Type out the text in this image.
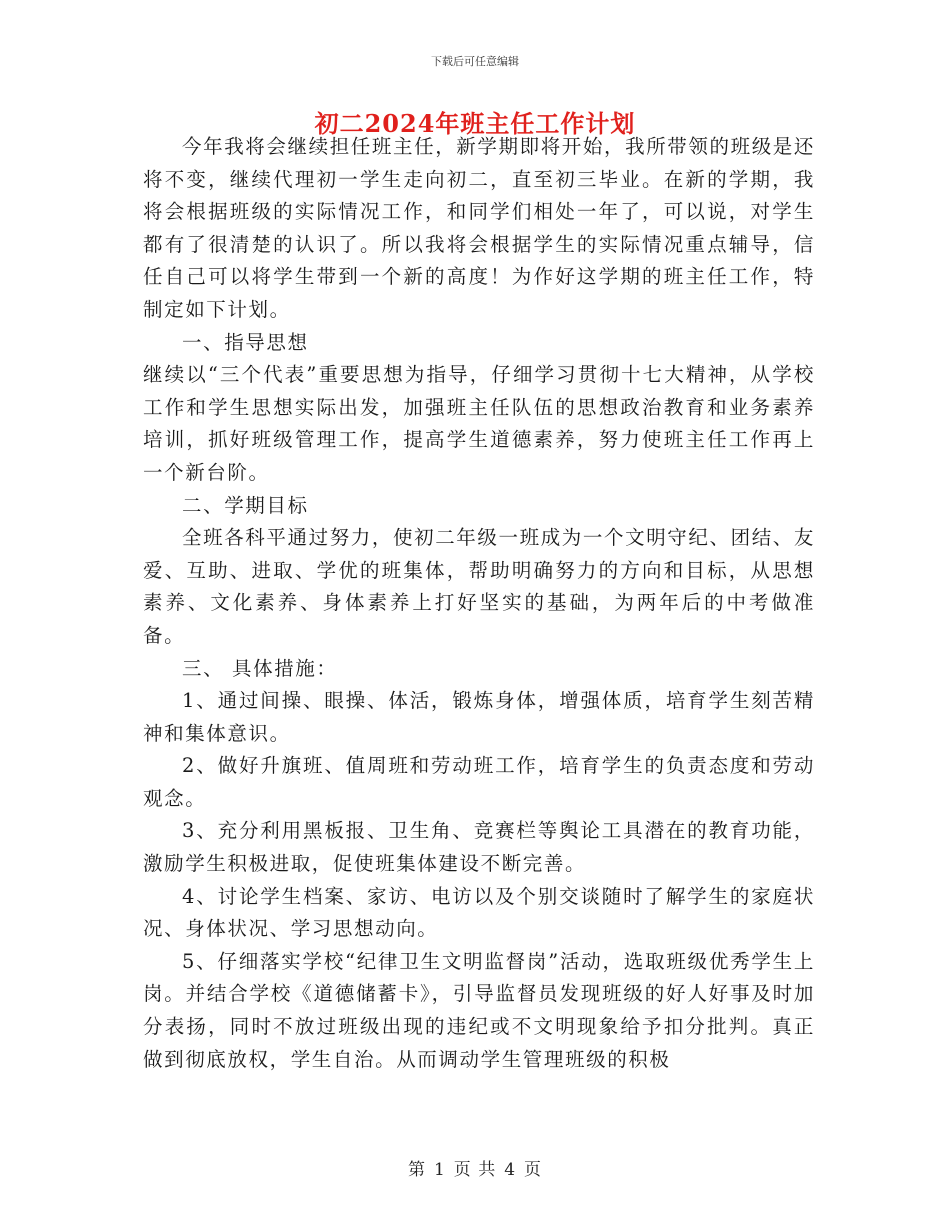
下载后可任意编辑
初二2024年班主任工作计划

今年我将会继续担任班主任，新学期即将开始，我所带领的班级是还将不变，继续代理初一学生走向初二，直至初三毕业。在新的学期，我将会根据班级的实际情况工作，和同学们相处一年了，可以说，对学生都有了很清楚的认识了。所以我将会根据学生的实际情况重点辅导，信任自己可以将学生带到一个新的高度！为作好这学期的班主任工作，特制定如下计划。

一、指导思想

继续以“三个代表”重要思想为指导，仔细学习贯彻十七大精神，从学校工作和学生思想实际出发，加强班主任队伍的思想政治教育和业务素养培训，抓好班级管理工作，提高学生道德素养，努力使班主任工作再上一个新台阶。

二、学期目标

全班各科平通过努力，使初二年级一班成为一个文明守纪、团结、友爱、互助、进取、学优的班集体，帮助明确努力的方向和目标，从思想素养、文化素养、身体素养上打好坚实的基础，为两年后的中考做准备。

三、 具体措施：

1、通过间操、眼操、体活，锻炼身体，增强体质，培育学生刻苦精神和集体意识。

2、做好升旗班、值周班和劳动班工作，培育学生的负责态度和劳动观念。

3、充分利用黑板报、卫生角、竞赛栏等舆论工具潜在的教育功能，激励学生积极进取，促使班集体建设不断完善。

4、讨论学生档案、家访、电访以及个别交谈随时了解学生的家庭状况、身体状况、学习思想动向。

5、仔细落实学校“纪律卫生文明监督岗”活动，选取班级优秀学生上岗。并结合学校《道德储蓄卡》，引导监督员发现班级的好人好事及时加分表扬，同时不放过班级出现的违纪或不文明现象给予扣分批判。真正做到彻底放权，学生自治。从而调动学生管理班级的积极

第 1 页 共 4 页
